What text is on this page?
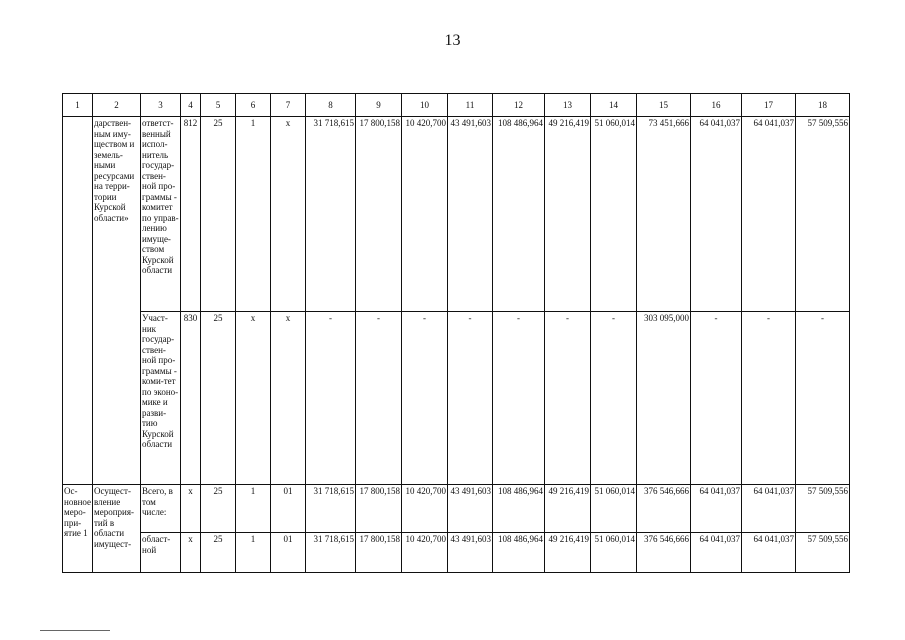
13
1	2	3	4	5	6	7	8	9	10	11	12	13	14	15	16	17	18
	дарствен-ным иму-ществом и земель-ными ресурсами на терри-тории Курской области»	ответст-венный испол-нитель государ-ствен-ной про-граммы - комитет по управ-лению имуще-ством Курской области	812	25	1	х	31 718,615	17 800,158	10 420,700	43 491,603	108 486,964	49 216,419	51 060,014	73 451,666	64 041,037	64 041,037	57 509,556
		Участ-ник государ-ствен-ной про-граммы - коми-тет по эконо-мике и разви-тию Курской области	830	25	х	х	-	-	-	-	-	-	-	303 095,000	-	-	-
Ос-новное меро-при-ятие 1	Осущест-вление мероприя-тий в области имущест-	Всего, в том числе:	х	25	1	01	31 718,615	17 800,158	10 420,700	43 491,603	108 486,964	49 216,419	51 060,014	376 546,666	64 041,037	64 041,037	57 509,556
		област-ной	х	25	1	01	31 718,615	17 800,158	10 420,700	43 491,603	108 486,964	49 216,419	51 060,014	376 546,666	64 041,037	64 041,037	57 509,556
